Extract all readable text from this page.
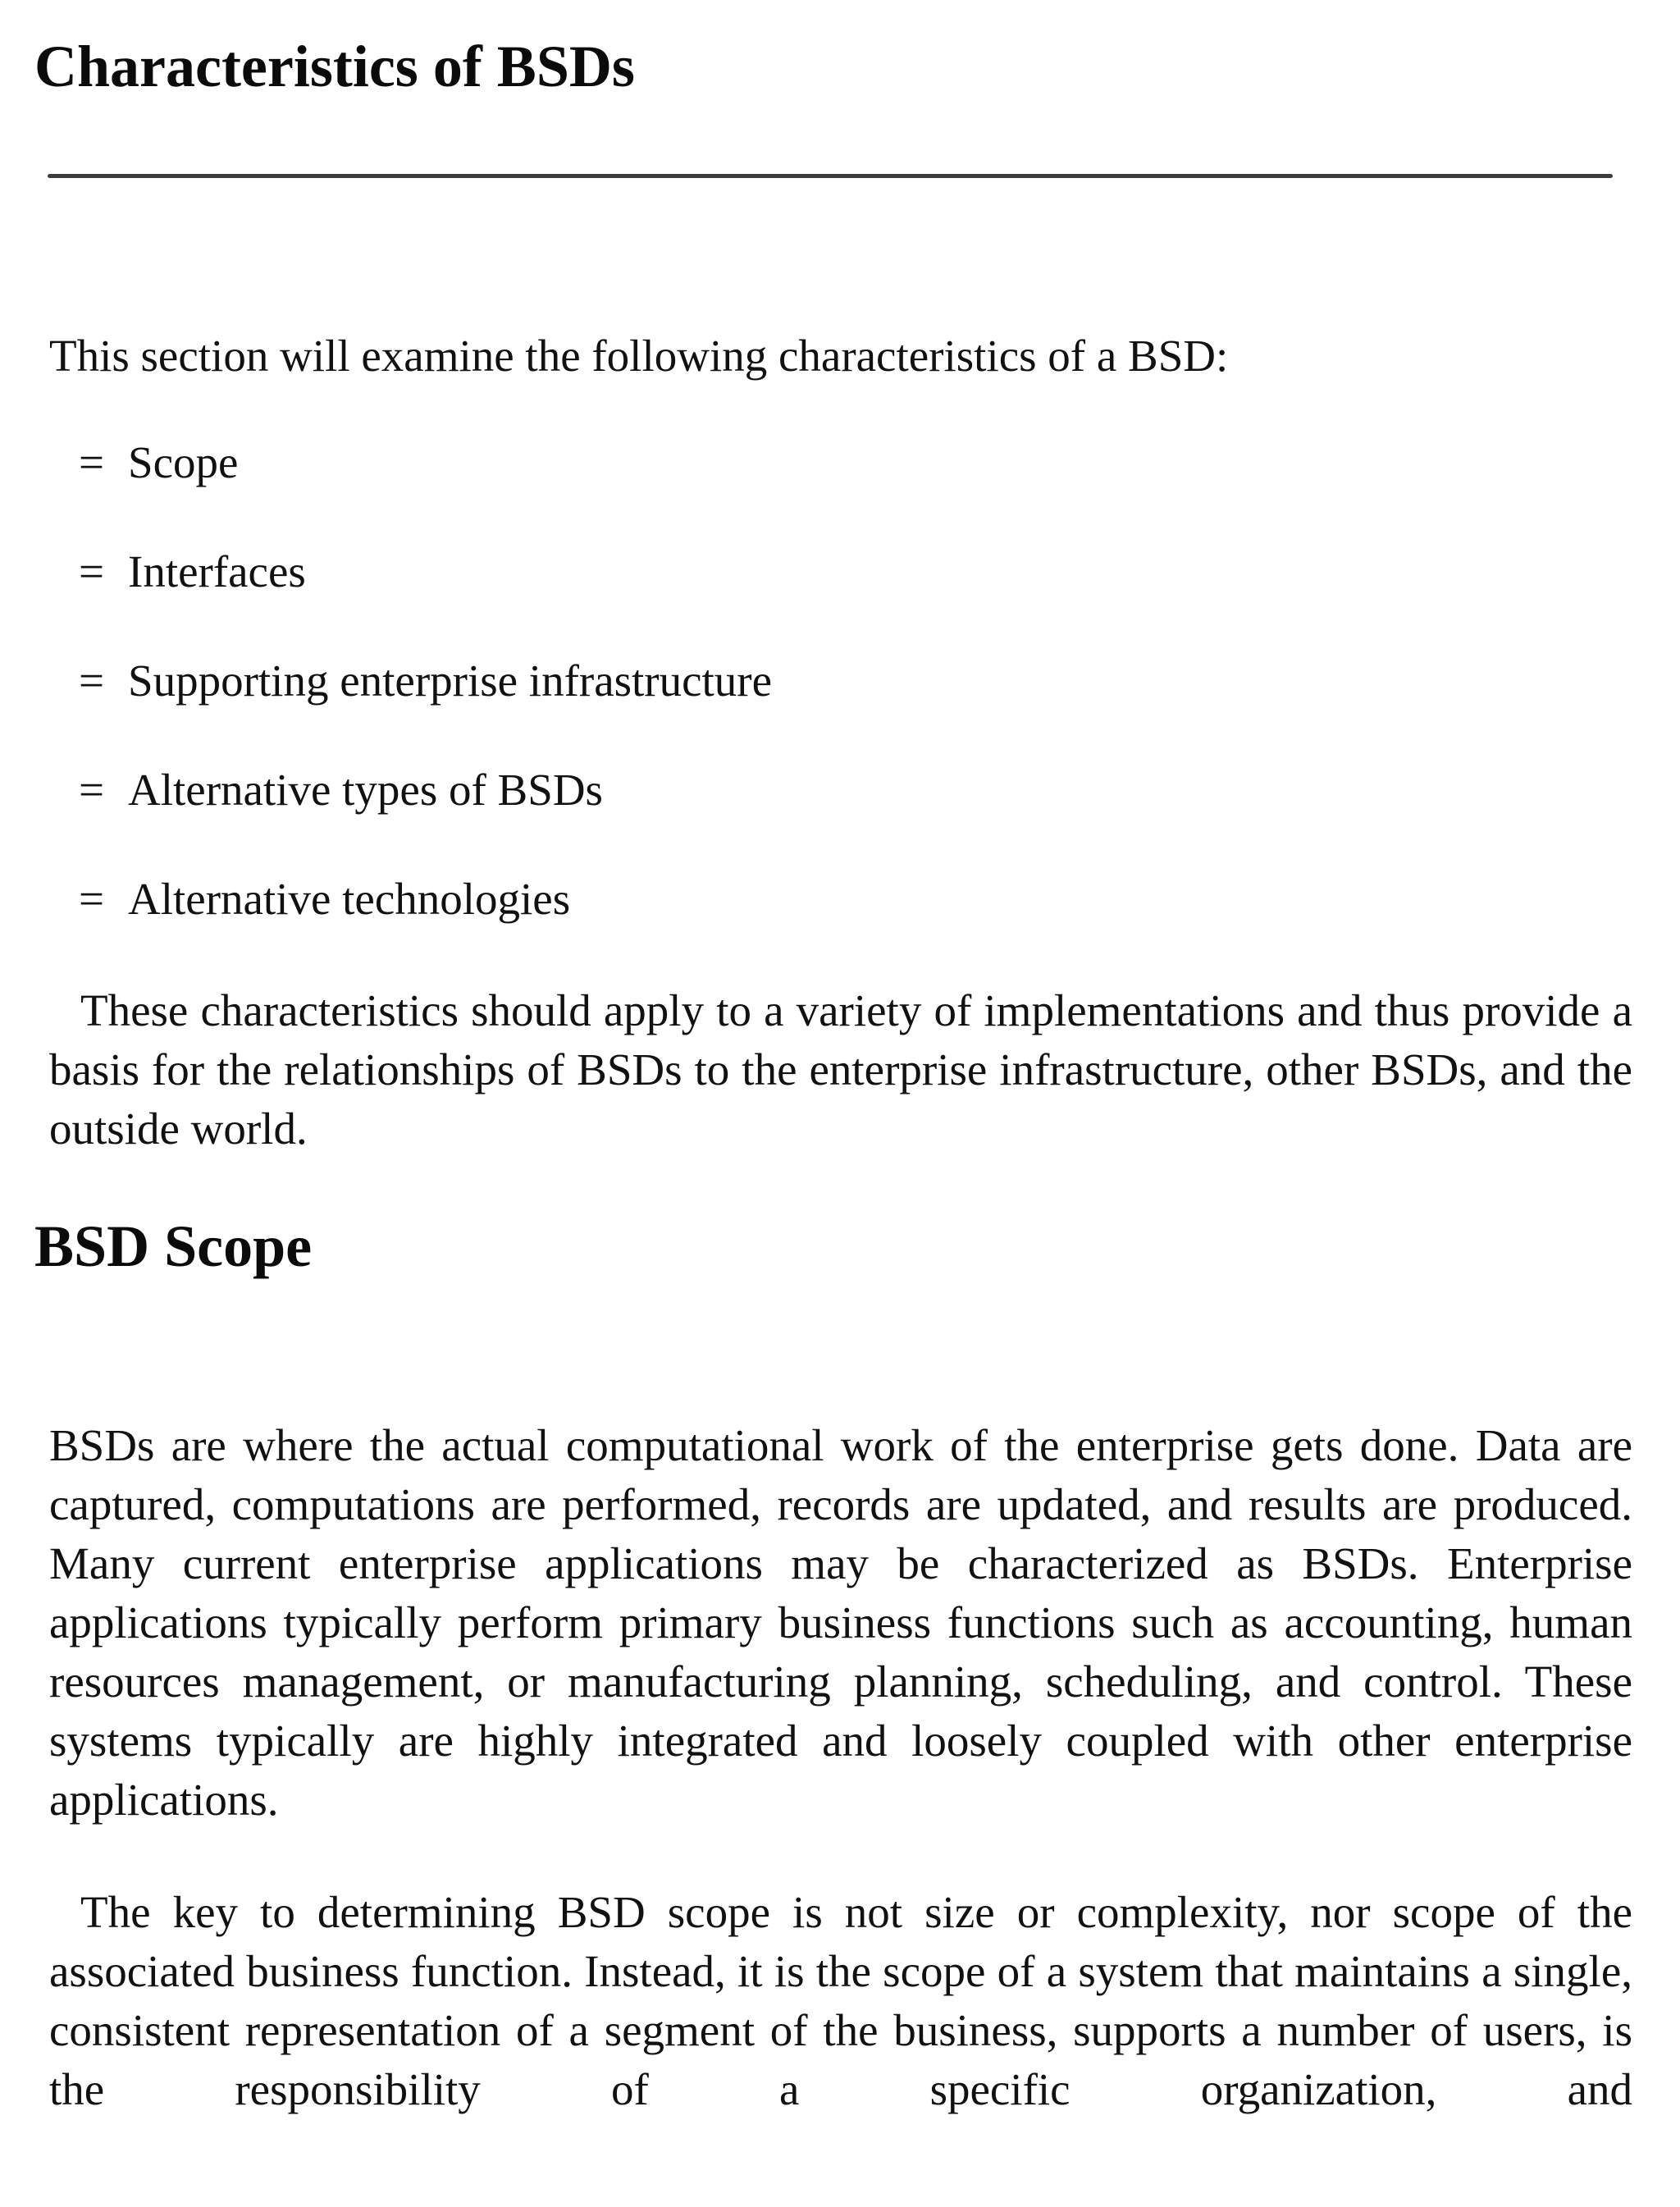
Characteristics of BSDs

This section will examine the following characteristics of a BSD:

= Scope
= Interfaces
= Supporting enterprise infrastructure
= Alternative types of BSDs
= Alternative technologies

These characteristics should apply to a variety of implementations and thus provide a basis for the relationships of BSDs to the enterprise infrastructure, other BSDs, and the outside world.

BSD Scope

BSDs are where the actual computational work of the enterprise gets done. Data are captured, computations are performed, records are updated, and results are produced. Many current enterprise applications may be characterized as BSDs. Enterprise applications typically perform primary business functions such as accounting, human resources management, or manufacturing planning, scheduling, and control. These systems typically are highly integrated and loosely coupled with other enterprise applications.

The key to determining BSD scope is not size or complexity, nor scope of the associated business function. Instead, it is the scope of a system that maintains a single, consistent representation of a segment of the business, supports a number of users, is the responsibility of a specific organization, and
